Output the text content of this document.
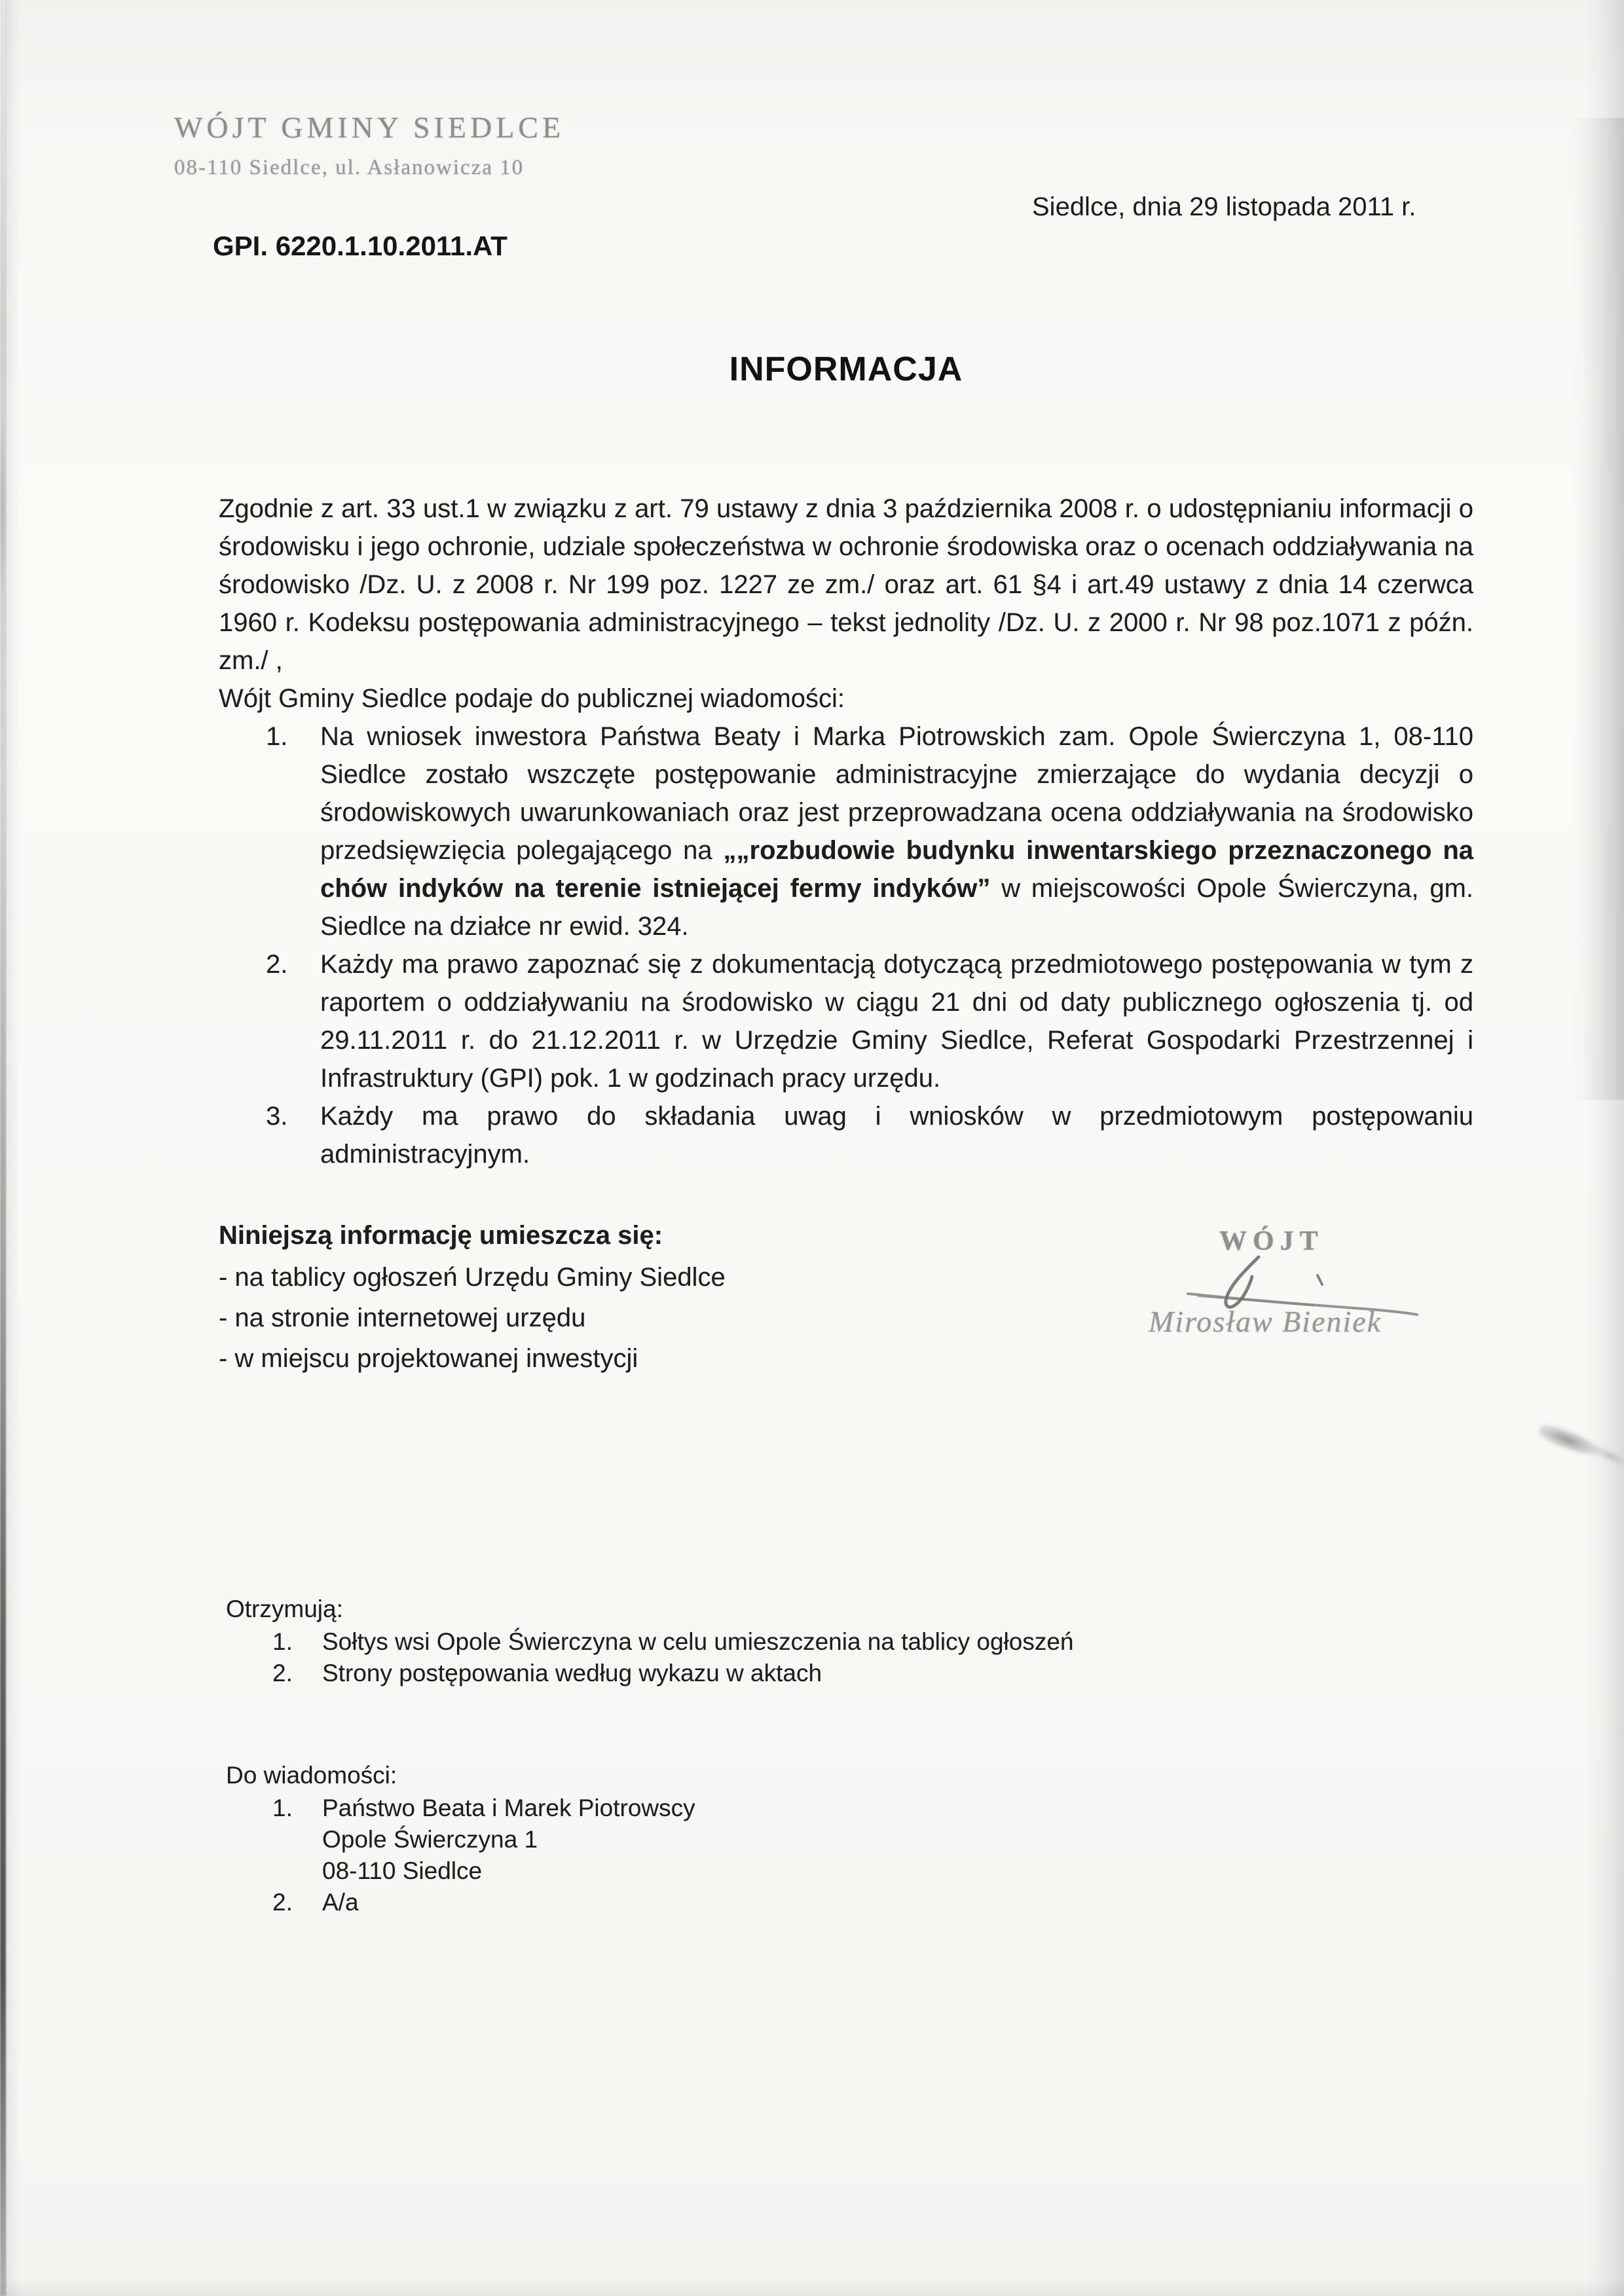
WÓJT GMINY SIEDLCE
08-110 Siedlce, ul. Asłanowicza 10
Siedlce, dnia 29 listopada 2011 r.
GPI. 6220.1.10.2011.AT
INFORMACJA

Zgodnie z art. 33 ust.1 w związku z art. 79 ustawy z dnia 3 października 2008 r. o udostępnianiu informacji o środowisku i jego ochronie, udziale społeczeństwa w ochronie środowiska oraz o ocenach oddziaływania na środowisko /Dz. U. z 2008 r. Nr 199 poz. 1227 ze zm./ oraz art. 61 §4 i art.49 ustawy z dnia 14 czerwca 1960 r. Kodeksu postępowania administracyjnego – tekst jednolity /Dz. U. z 2000 r. Nr 98 poz.1071 z późn. zm./ ,

Wójt Gminy Siedlce podaje do publicznej wiadomości:

1.	Na wniosek inwestora Państwa Beaty i Marka Piotrowskich zam. Opole Świerczyna 1, 08-110 Siedlce zostało wszczęte postępowanie administracyjne zmierzające do wydania decyzji o środowiskowych uwarunkowaniach oraz jest przeprowadzana ocena oddziaływania na środowisko przedsięwzięcia polegającego na „„rozbudowie budynku inwentarskiego przeznaczonego na chów indyków na terenie istniejącej fermy indyków” w miejscowości Opole Świerczyna, gm. Siedlce na działce nr ewid. 324.
2.	Każdy ma prawo zapoznać się z dokumentacją dotyczącą przedmiotowego postępowania w tym z raportem o oddziaływaniu na środowisko w ciągu 21 dni od daty publicznego ogłoszenia tj. od 29.11.2011 r. do 21.12.2011 r. w Urzędzie Gminy Siedlce, Referat Gospodarki Przestrzennej i Infrastruktury (GPI) pok. 1 w godzinach pracy urzędu.
3.	Każdy ma prawo do składania uwag i wniosków w przedmiotowym postępowaniu administracyjnym.
Niniejszą informację umieszcza się:
- na tablicy ogłoszeń Urzędu Gminy Siedlce
- na stronie internetowej urzędu
- w miejscu projektowanej inwestycji
WÓJT
Mirosław Bieniek
Otrzymują:
1.	Sołtys wsi Opole Świerczyna w celu umieszczenia na tablicy ogłoszeń
2.	Strony postępowania według wykazu w aktach
Do wiadomości:
1.	Państwo Beata i Marek Piotrowscy
Opole Świerczyna 1
08-110 Siedlce
2.	A/a
